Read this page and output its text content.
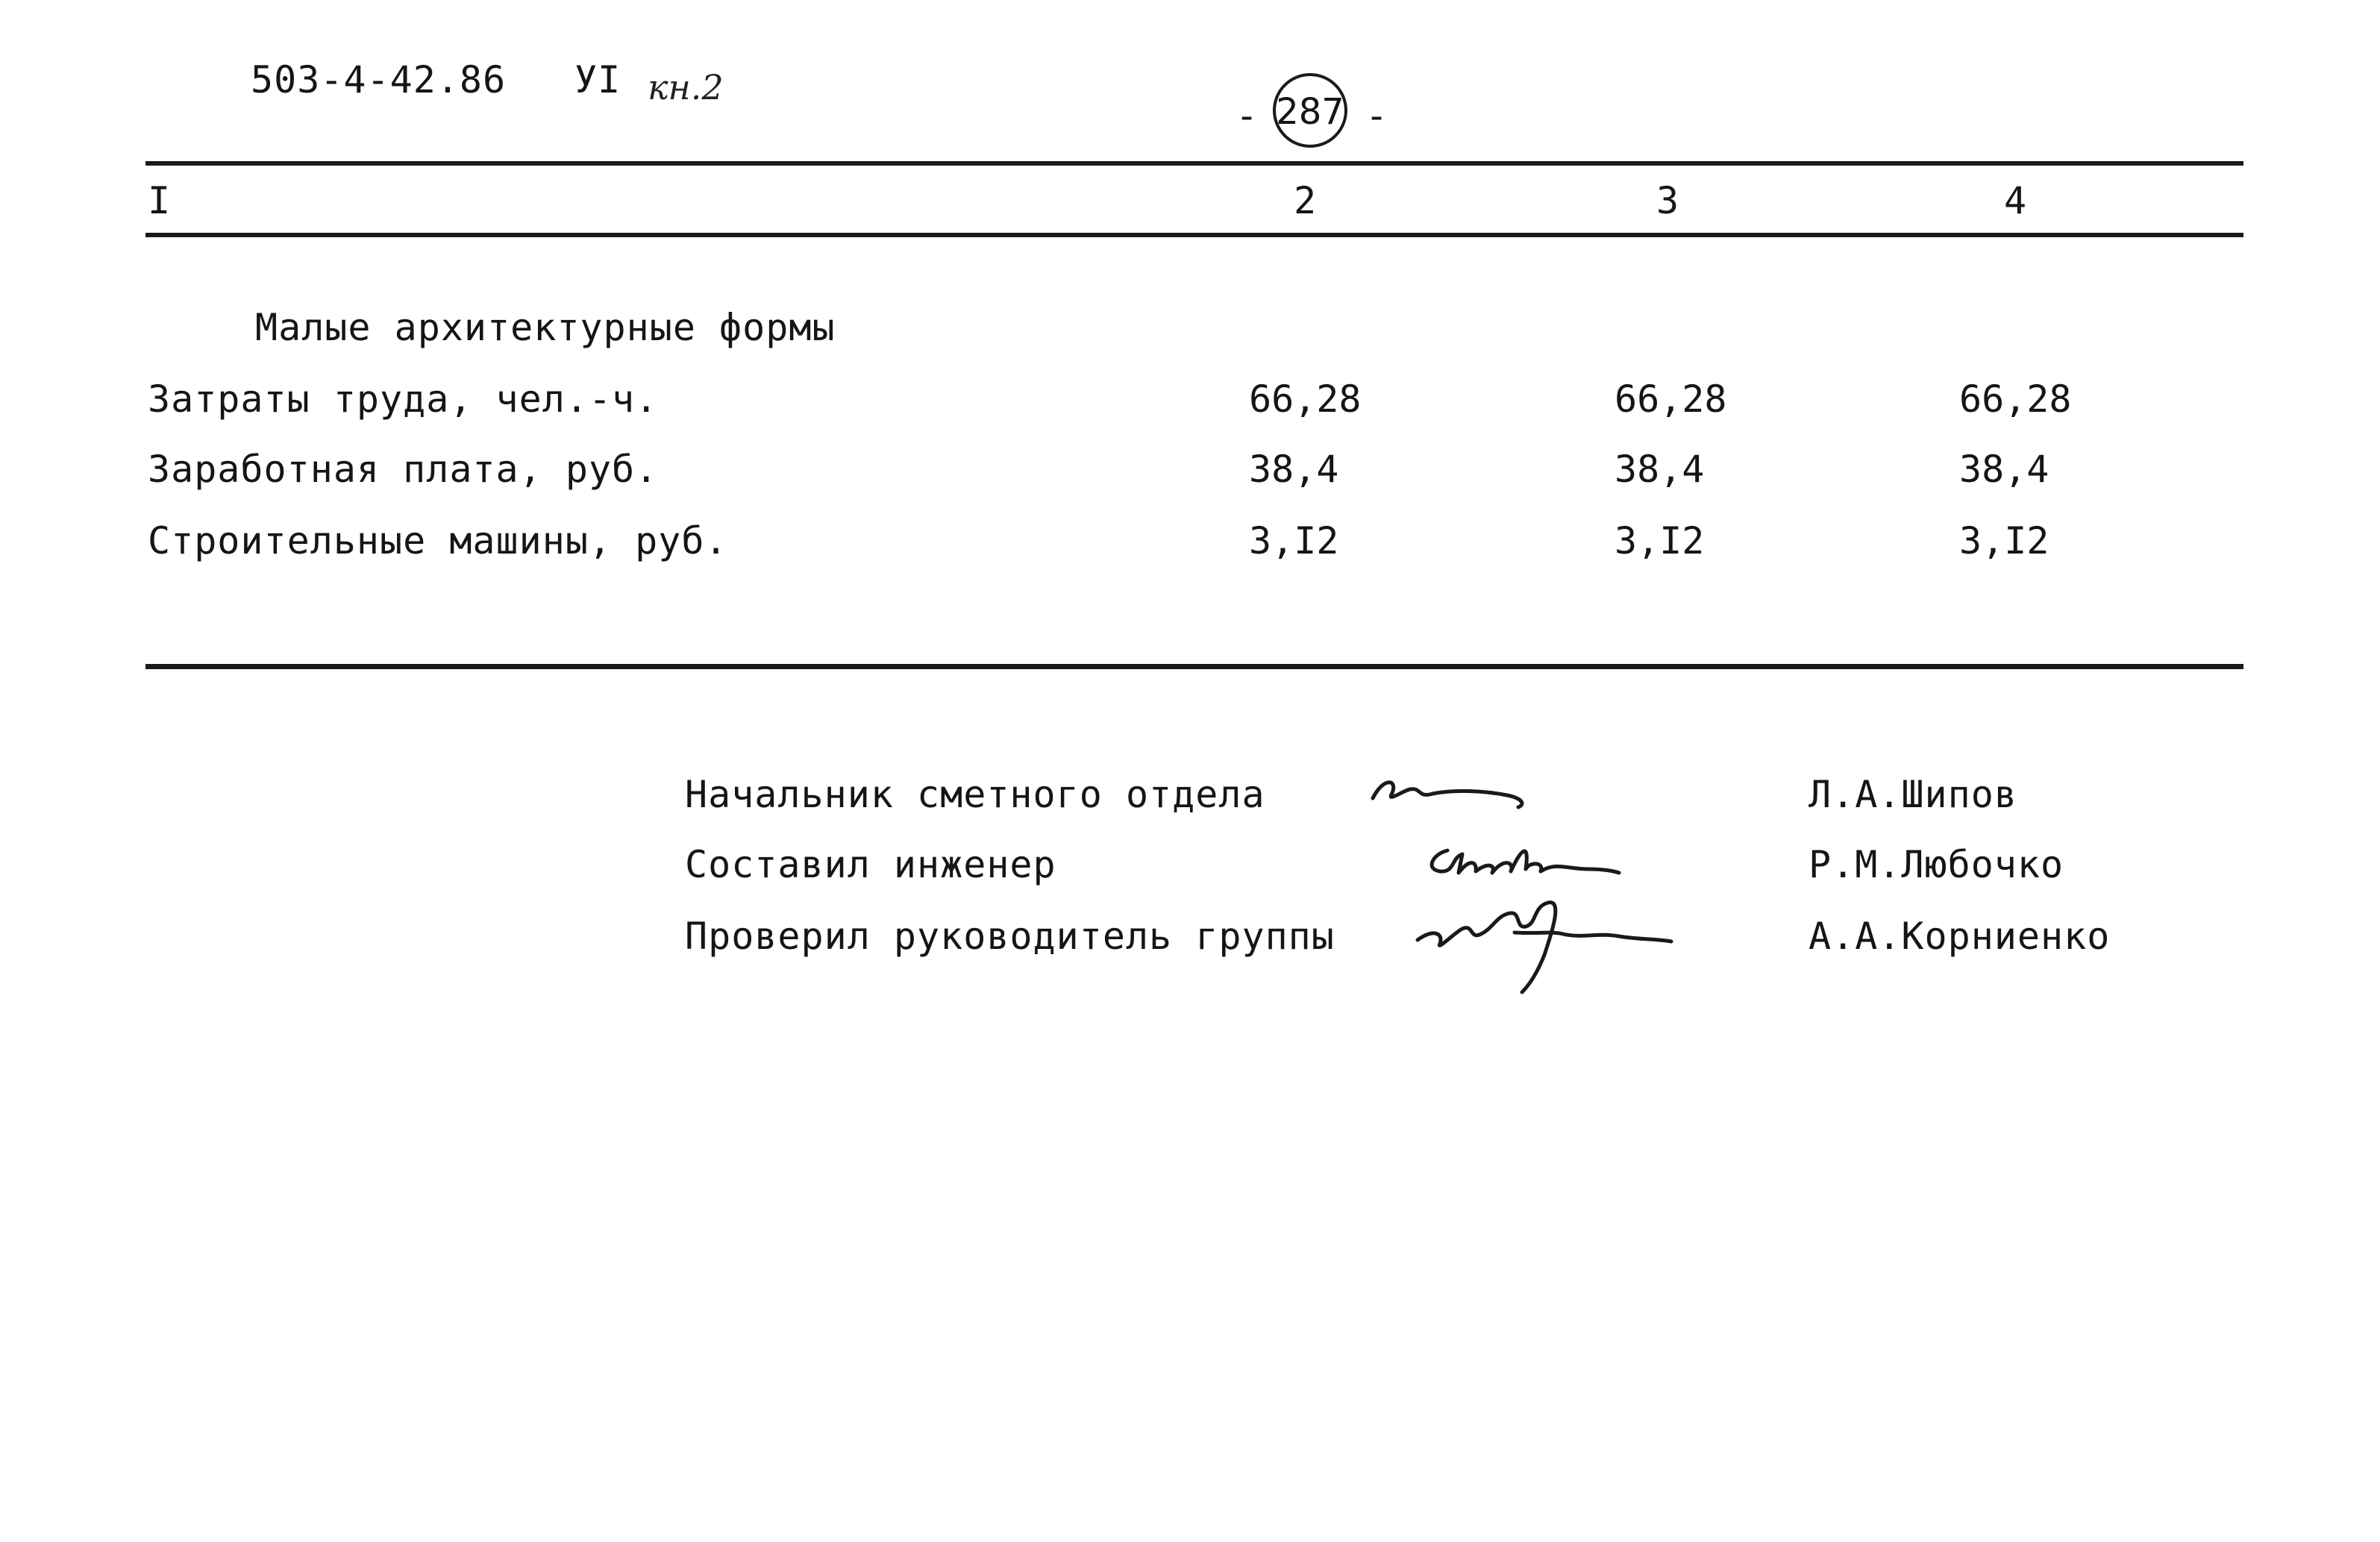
503-4-42.86 УI кн.2
- 287 -
I	2	3	4
Малые архитектурные формы
Затраты труда, чел.-ч.	66,28	66,28	66,28
Заработная плата, руб.	38,4	38,4	38,4
Строительные машины, руб.	3,I2	3,I2	3,I2
Начальник сметного отдела	Л.А.Шипов
Составил инженер	Р.М.Любочко
Проверил руководитель группы	А.А.Корниенко
